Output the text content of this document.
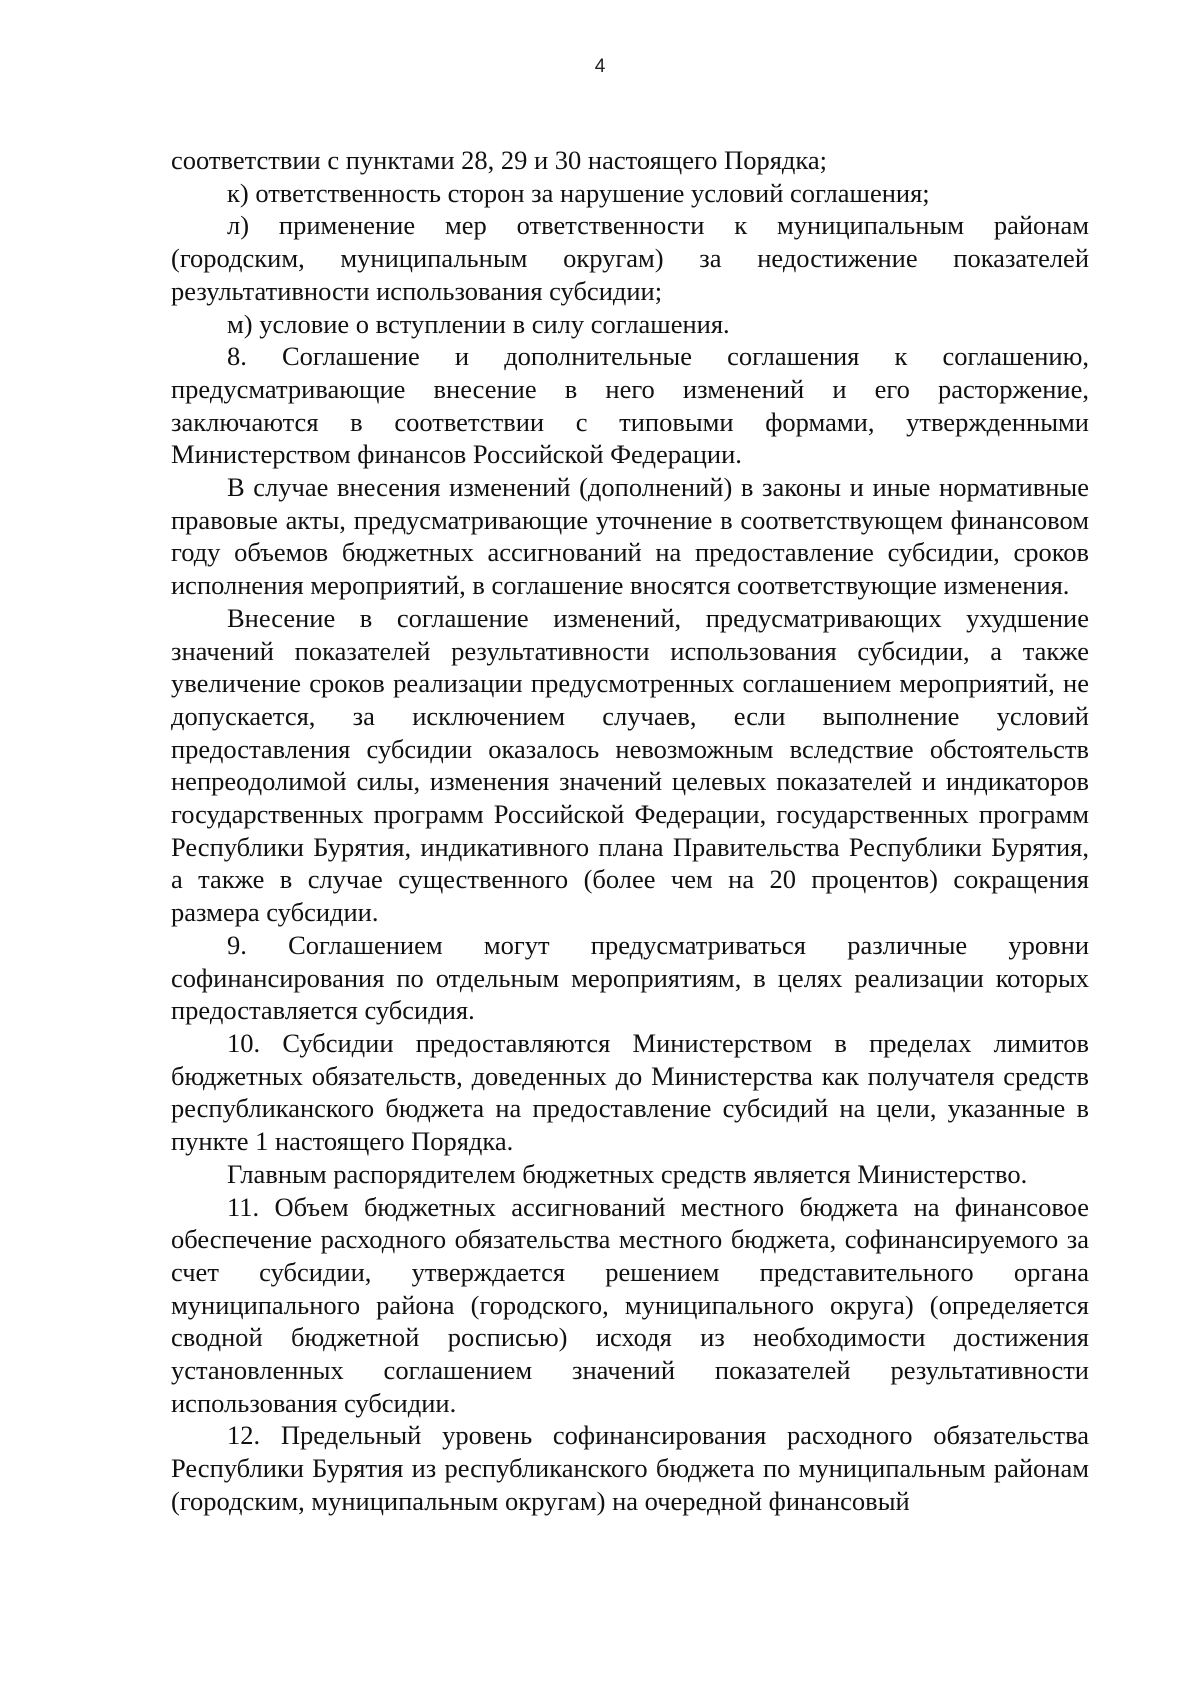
4

соответствии с пунктами 28, 29 и 30 настоящего Порядка;

к) ответственность сторон за нарушение условий соглашения;

л) применение мер ответственности к муниципальным районам (городским, муниципальным округам) за недостижение показателей результативности использования субсидии;

м) условие о вступлении в силу соглашения.

8. Соглашение и дополнительные соглашения к соглашению, предусматривающие внесение в него изменений и его расторжение, заключаются в соответствии с типовыми формами, утвержденными Министерством финансов Российской Федерации.

В случае внесения изменений (дополнений) в законы и иные нормативные правовые акты, предусматривающие уточнение в соответствующем финансовом году объемов бюджетных ассигнований на предоставление субсидии, сроков исполнения мероприятий, в соглашение вносятся соответствующие изменения.

Внесение в соглашение изменений, предусматривающих ухудшение значений показателей результативности использования субсидии, а также увеличение сроков реализации предусмотренных соглашением мероприятий, не допускается, за исключением случаев, если выполнение условий предоставления субсидии оказалось невозможным вследствие обстоятельств непреодолимой силы, изменения значений целевых показателей и индикаторов государственных программ Российской Федерации, государственных программ Республики Бурятия, индикативного плана Правительства Республики Бурятия, а также в случае существенного (более чем на 20 процентов) сокращения размера субсидии.

9. Соглашением могут предусматриваться различные уровни софинансирования по отдельным мероприятиям, в целях реализации которых предоставляется субсидия.

10. Субсидии предоставляются Министерством в пределах лимитов бюджетных обязательств, доведенных до Министерства как получателя средств республиканского бюджета на предоставление субсидий на цели, указанные в пункте 1 настоящего Порядка.

Главным распорядителем бюджетных средств является Министерство.

11. Объем бюджетных ассигнований местного бюджета на финансовое обеспечение расходного обязательства местного бюджета, софинансируемого за счет субсидии, утверждается решением представительного органа муниципального района (городского, муниципального округа) (определяется сводной бюджетной росписью) исходя из необходимости достижения установленных соглашением значений показателей результативности использования субсидии.

12. Предельный уровень софинансирования расходного обязательства Республики Бурятия из республиканского бюджета по муниципальным районам (городским, муниципальным округам) на очередной финансовый
